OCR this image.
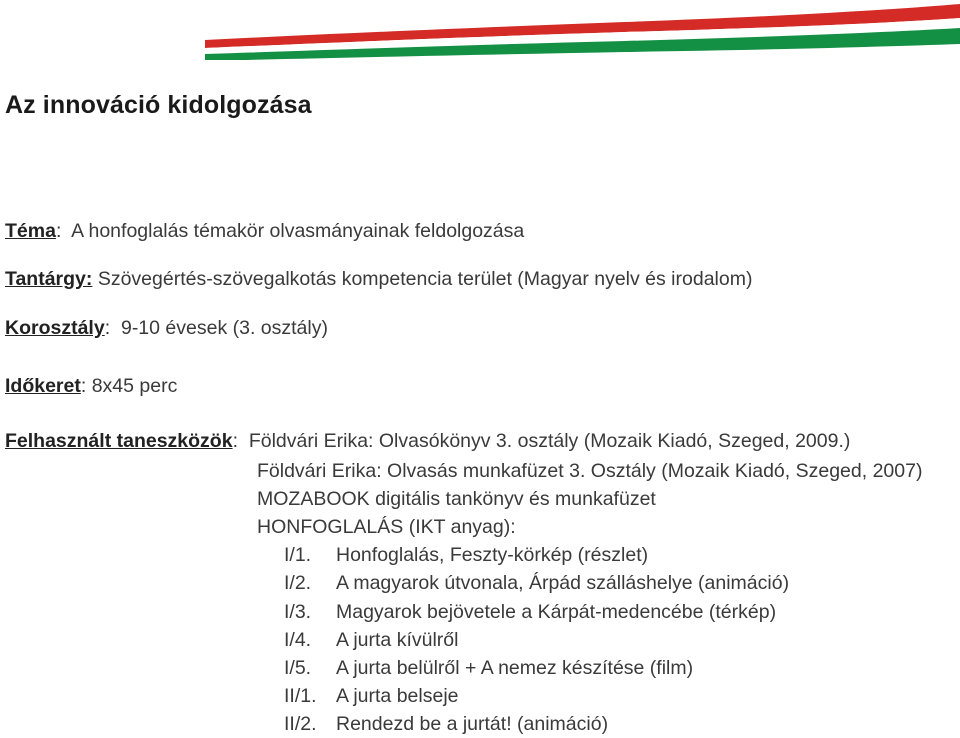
Az innováció kidolgozása
Téma: A honfoglalás témakör olvasmányainak feldolgozása
Tantárgy: Szövegértés-szövegalkotás kompetencia terület (Magyar nyelv és irodalom)
Korosztály: 9-10 évesek (3. osztály)
Időkeret: 8x45 perc
Felhasznált taneszközök: Földvári Erika: Olvasókönyv 3. osztály (Mozaik Kiadó, Szeged, 2009.)
Földvári Erika: Olvasás munkafüzet 3. Osztály (Mozaik Kiadó, Szeged, 2007)
MOZABOOK digitális tankönyv és munkafüzet
HONFOGLALÁS (IKT anyag):
I/1. Honfoglalás, Feszty-körkép (részlet)
I/2. A magyarok útvonala, Árpád szálláshelye (animáció)
I/3. Magyarok bejövetele a Kárpát-medencébe (térkép)
I/4. A jurta kívülről
I/5. A jurta belülről + A nemez készítése (film)
II/1. A jurta belseje
II/2. Rendezd be a jurtát! (animáció)
